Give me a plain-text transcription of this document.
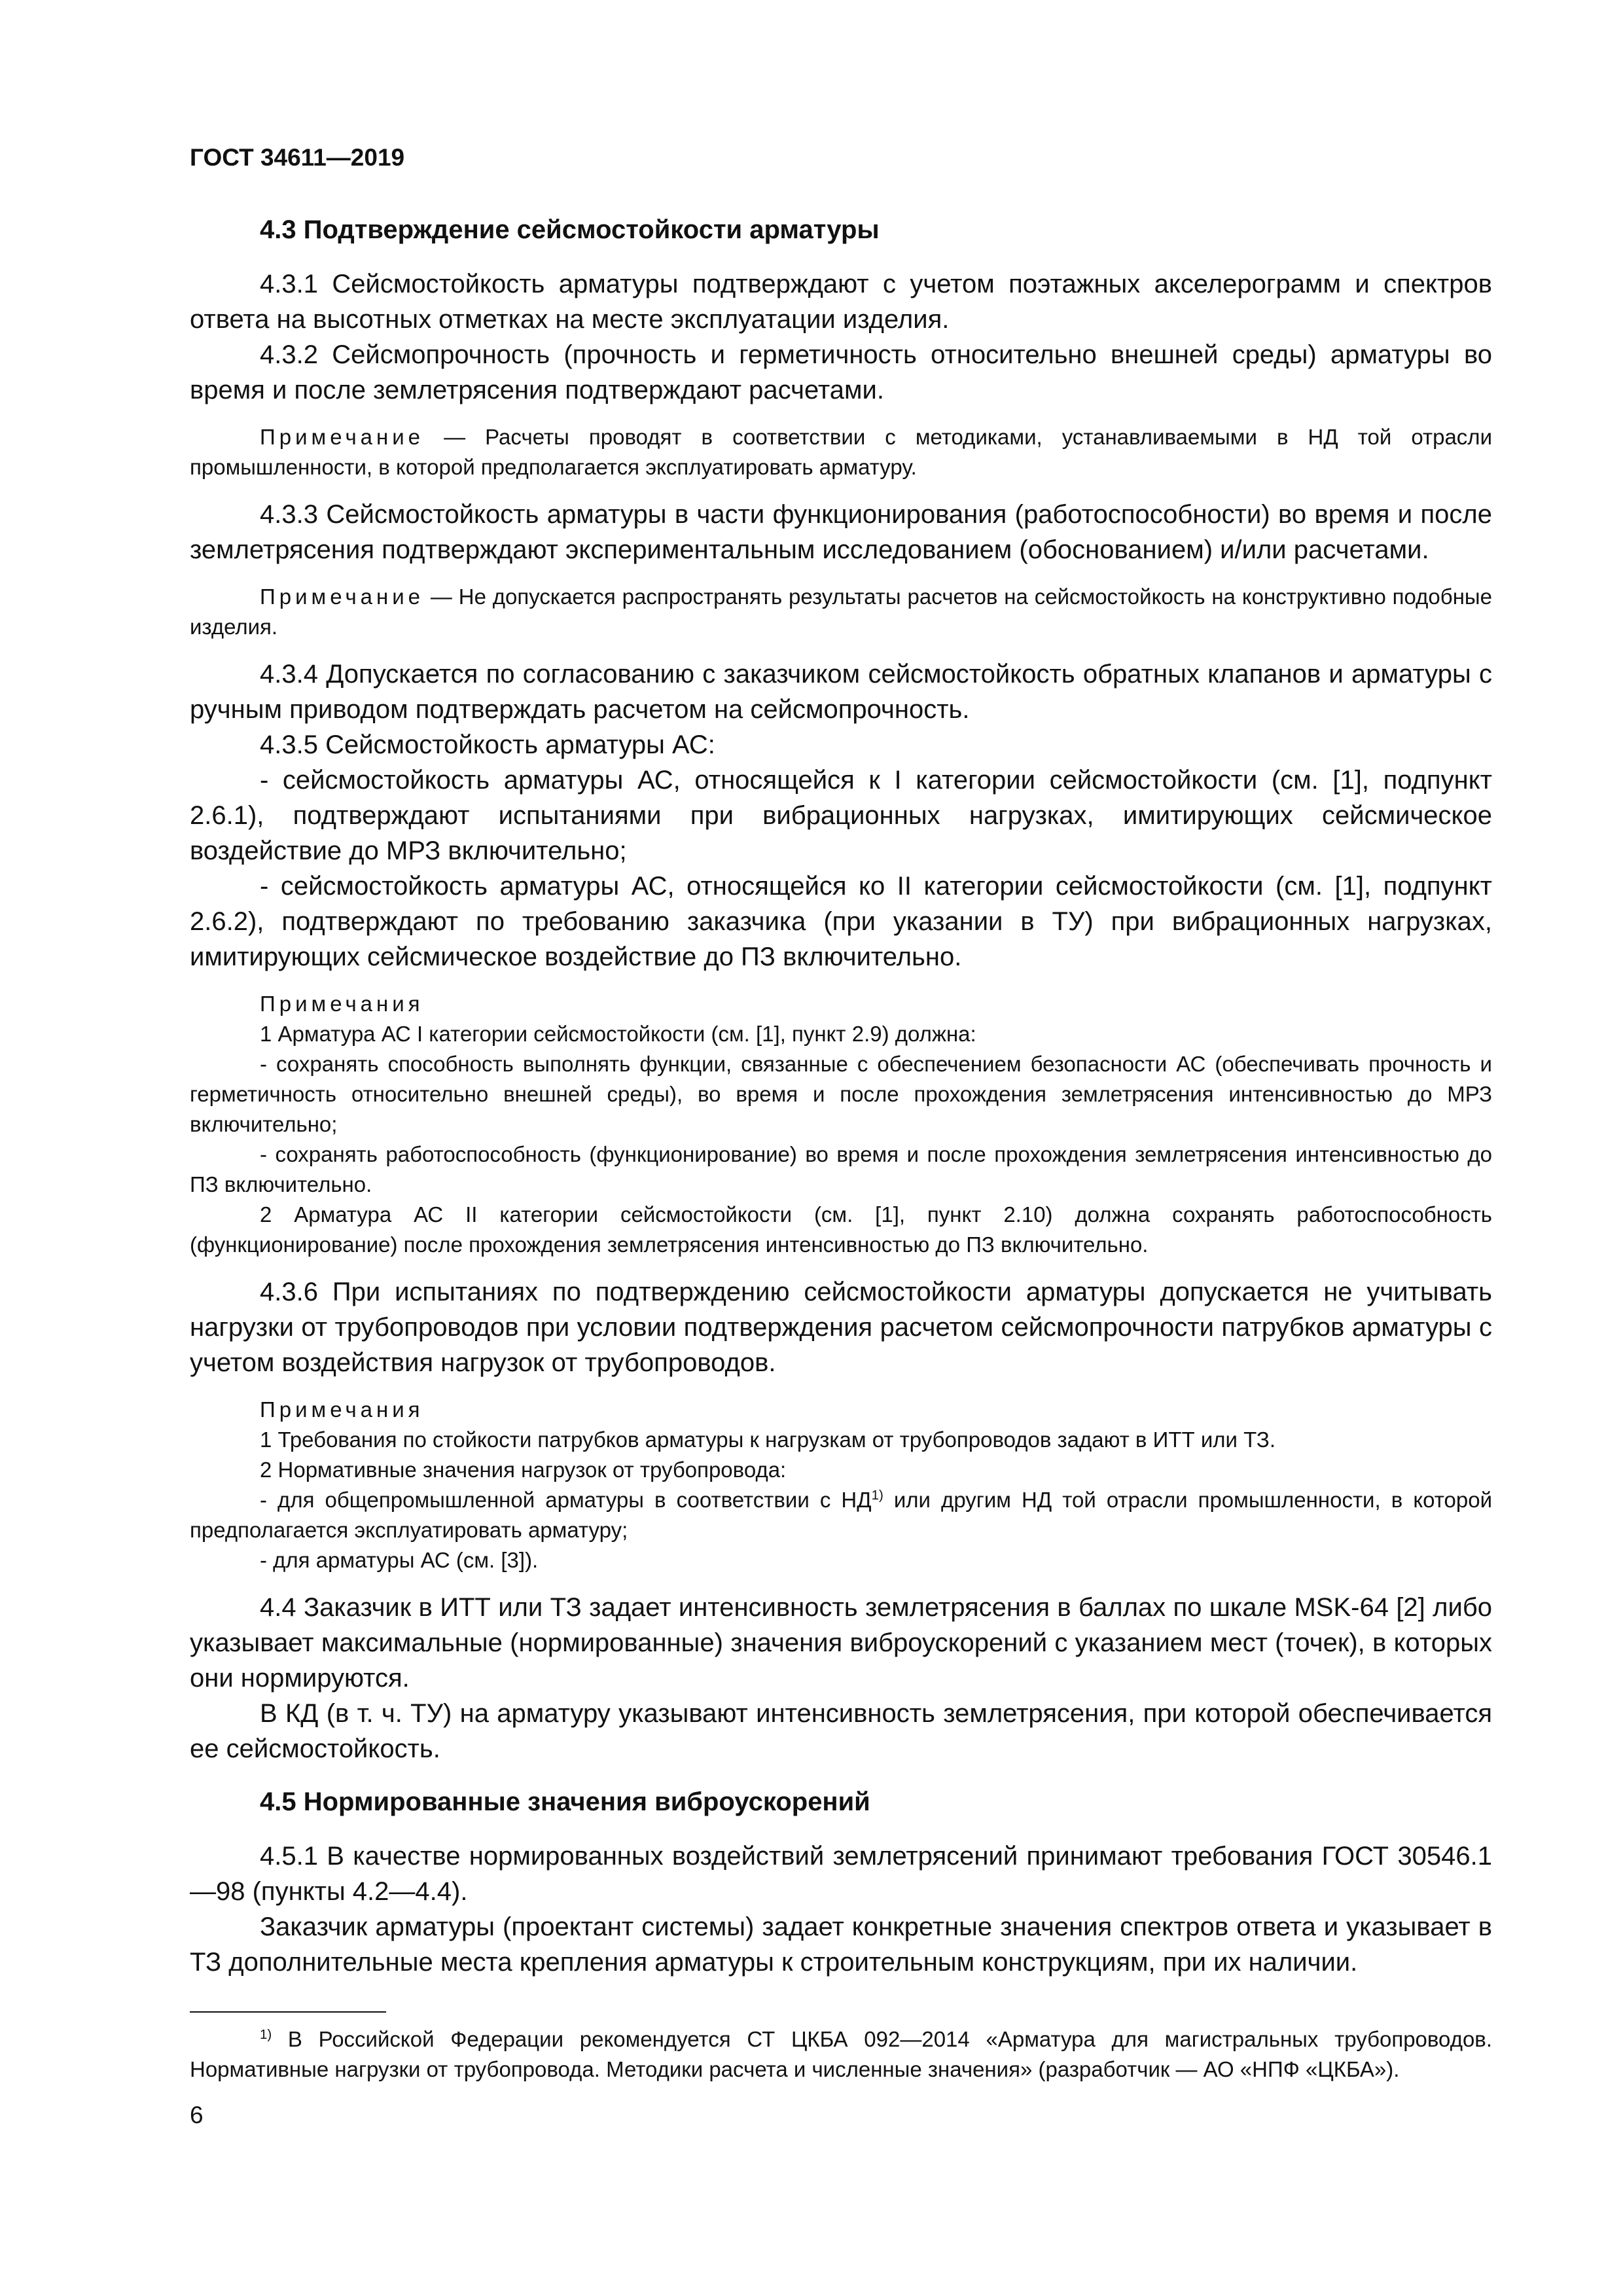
ГОСТ 34611—2019
4.3 Подтверждение сейсмостойкости арматуры

4.3.1 Сейсмостойкость арматуры подтверждают с учетом поэтажных акселерограмм и спектров ответа на высотных отметках на месте эксплуатации изделия.

4.3.2 Сейсмопрочность (прочность и герметичность относительно внешней среды) арматуры во время и после землетрясения подтверждают расчетами.

Примечание — Расчеты проводят в соответствии с методиками, устанавливаемыми в НД той отрасли промышленности, в которой предполагается эксплуатировать арматуру.

4.3.3 Сейсмостойкость арматуры в части функционирования (работоспособности) во время и после землетрясения подтверждают экспериментальным исследованием (обоснованием) и/или расчетами.

Примечание — Не допускается распространять результаты расчетов на сейсмостойкость на конструктивно подобные изделия.

4.3.4 Допускается по согласованию с заказчиком сейсмостойкость обратных клапанов и арматуры с ручным приводом подтверждать расчетом на сейсмопрочность.

4.3.5 Сейсмостойкость арматуры АС:

- сейсмостойкость арматуры АС, относящейся к I категории сейсмостойкости (см. [1], подпункт 2.6.1), подтверждают испытаниями при вибрационных нагрузках, имитирующих сейсмическое воздействие до МРЗ включительно;

- сейсмостойкость арматуры АС, относящейся ко II категории сейсмостойкости (см. [1], подпункт 2.6.2), подтверждают по требованию заказчика (при указании в ТУ) при вибрационных нагрузках, имитирующих сейсмическое воздействие до ПЗ включительно.

Примечания

1 Арматура АС I категории сейсмостойкости (см. [1], пункт 2.9) должна:

- сохранять способность выполнять функции, связанные с обеспечением безопасности АС (обеспечивать прочность и герметичность относительно внешней среды), во время и после прохождения землетрясения интенсивностью до МРЗ включительно;

- сохранять работоспособность (функционирование) во время и после прохождения землетрясения интенсивностью до ПЗ включительно.

2 Арматура АС II категории сейсмостойкости (см. [1], пункт 2.10) должна сохранять работоспособность (функционирование) после прохождения землетрясения интенсивностью до ПЗ включительно.

4.3.6 При испытаниях по подтверждению сейсмостойкости арматуры допускается не учитывать нагрузки от трубопроводов при условии подтверждения расчетом сейсмопрочности патрубков арматуры с учетом воздействия нагрузок от трубопроводов.

Примечания

1 Требования по стойкости патрубков арматуры к нагрузкам от трубопроводов задают в ИТТ или ТЗ.

2 Нормативные значения нагрузок от трубопровода:

- для общепромышленной арматуры в соответствии с НД$^{1)}$ или другим НД той отрасли промышленности, в которой предполагается эксплуатировать арматуру;

- для арматуры АС (см. [3]).

4.4 Заказчик в ИТТ или ТЗ задает интенсивность землетрясения в баллах по шкале MSK-64 [2] либо указывает максимальные (нормированные) значения виброускорений с указанием мест (точек), в которых они нормируются.

В КД (в т. ч. ТУ) на арматуру указывают интенсивность землетрясения, при которой обеспечивается ее сейсмостойкость.

4.5 Нормированные значения виброускорений

4.5.1 В качестве нормированных воздействий землетрясений принимают требования ГОСТ 30546.1—98 (пункты 4.2—4.4).

Заказчик арматуры (проектант системы) задает конкретные значения спектров ответа и указывает в ТЗ дополнительные места крепления арматуры к строительным конструкциям, при их наличии.

$^{1)}$ В Российской Федерации рекомендуется СТ ЦКБА 092—2014 «Арматура для магистральных трубопроводов. Нормативные нагрузки от трубопровода. Методики расчета и численные значения» (разработчик — АО «НПФ «ЦКБА»).

6
